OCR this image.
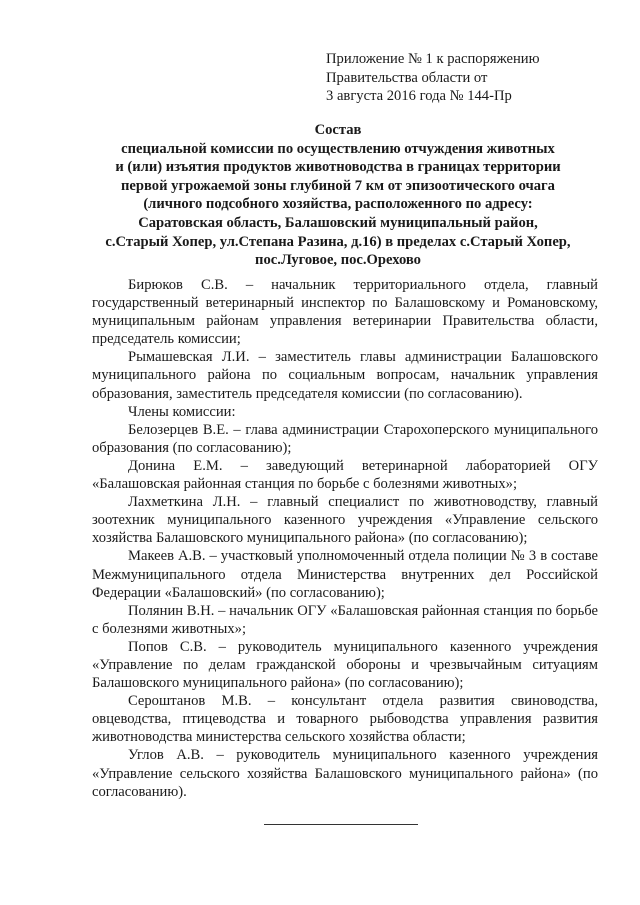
Приложение № 1 к распоряжению
Правительства области от
3 августа 2016 года № 144-Пр
Состав
специальной комиссии по осуществлению отчуждения животных
и (или) изъятия продуктов животноводства в границах территории
первой угрожаемой зоны глубиной 7 км от эпизоотического очага
(личного подсобного хозяйства, расположенного по адресу:
Саратовская область, Балашовский муниципальный район,
с.Старый Хопер, ул.Степана Разина, д.16) в пределах с.Старый Хопер,
пос.Луговое, пос.Орехово

Бирюков С.В. – начальник территориального отдела, главный государственный ветеринарный инспектор по Балашовскому и Романовскому, муниципальным районам управления ветеринарии Правительства области, председатель комиссии;

Рымашевская Л.И. – заместитель главы администрации Балашовского муниципального района по социальным вопросам, начальник управления образования, заместитель председателя комиссии (по согласованию).

Члены комиссии:

Белозерцев В.Е. – глава администрации Старохоперского муниципального образования (по согласованию);

Донина Е.М. – заведующий ветеринарной лабораторией ОГУ «Балашовская районная станция по борьбе с болезнями животных»;

Лахметкина Л.Н. – главный специалист по животноводству, главный зоотехник муниципального казенного учреждения «Управление сельского хозяйства Балашовского муниципального района» (по согласованию);

Макеев А.В. – участковый уполномоченный отдела полиции № 3 в составе Межмуниципального отдела Министерства внутренних дел Российской Федерации «Балашовский» (по согласованию);

Полянин В.Н. – начальник ОГУ «Балашовская районная станция по борьбе с болезнями животных»;

Попов С.В. – руководитель муниципального казенного учреждения «Управление по делам гражданской обороны и чрезвычайным ситуациям Балашовского муниципального района» (по согласованию);

Сероштанов М.В. – консультант отдела развития свиноводства, овцеводства, птицеводства и товарного рыбоводства управления развития животноводства министерства сельского хозяйства области;

Углов А.В. – руководитель муниципального казенного учреждения «Управление сельского хозяйства Балашовского муниципального района» (по согласованию).
